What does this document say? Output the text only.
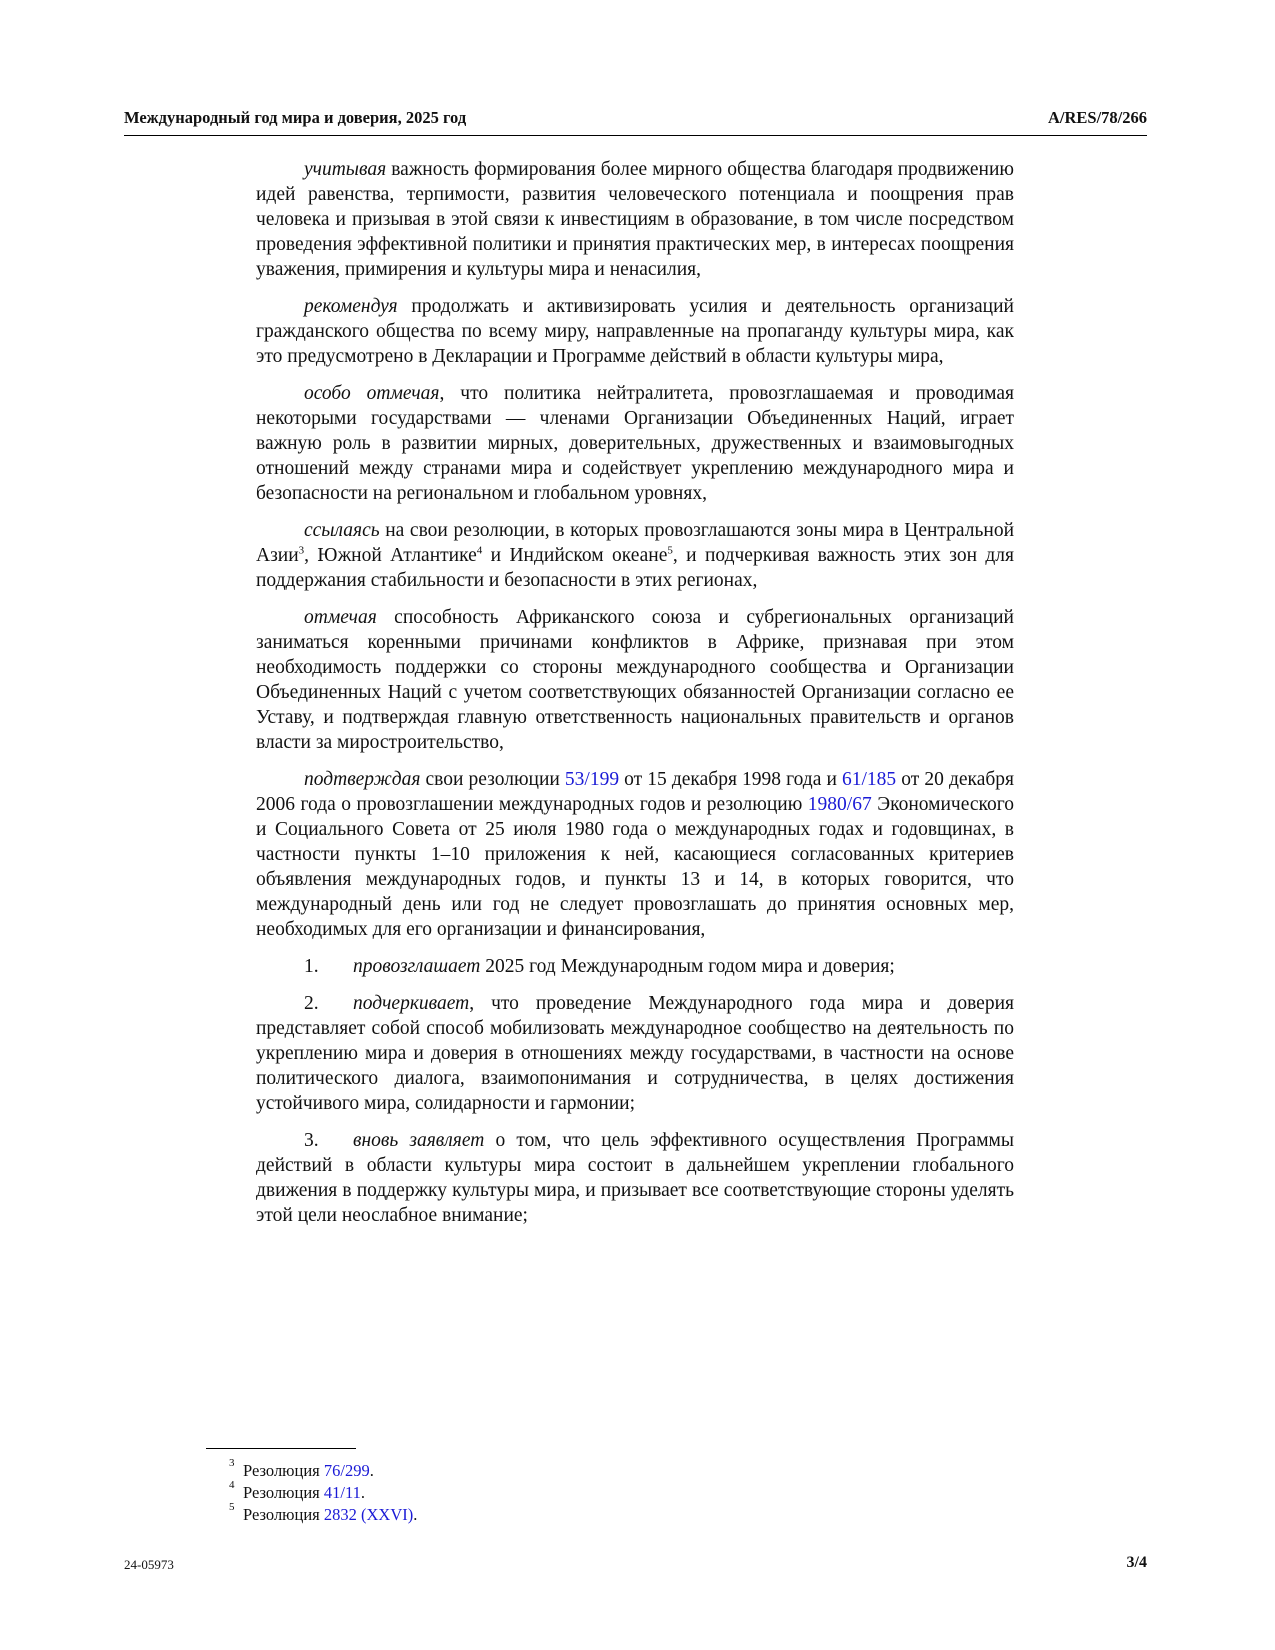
Международный год мира и доверия, 2025 год	A/RES/78/266

учитывая важность формирования более мирного общества благодаря продвижению идей равенства, терпимости, развития человеческого потенциала и поощрения прав человека и призывая в этой связи к инвестициям в образование, в том числе посредством проведения эффективной политики и принятия практических мер, в интересах поощрения уважения, примирения и культуры мира и ненасилия,

рекомендуя продолжать и активизировать усилия и деятельность организаций гражданского общества по всему миру, направленные на пропаганду культуры мира, как это предусмотрено в Декларации и Программе действий в области культуры мира,

особо отмечая, что политика нейтралитета, провозглашаемая и проводимая некоторыми государствами — членами Организации Объединенных Наций, играет важную роль в развитии мирных, доверительных, дружественных и взаимовыгодных отношений между странами мира и содействует укреплению международного мира и безопасности на региональном и глобальном уровнях,

ссылаясь на свои резолюции, в которых провозглашаются зоны мира в Центральной Азии$^3$, Южной Атлантике$^4$ и Индийском океане$^5$, и подчеркивая важность этих зон для поддержания стабильности и безопасности в этих регионах,

отмечая способность Африканского союза и субрегиональных организаций заниматься коренными причинами конфликтов в Африке, признавая при этом необходимость поддержки со стороны международного сообщества и Организации Объединенных Наций с учетом соответствующих обязанностей Организации согласно ее Уставу, и подтверждая главную ответственность национальных правительств и органов власти за миростроительство,

подтверждая свои резолюции 53/199 от 15 декабря 1998 года и 61/185 от 20 декабря 2006 года о провозглашении международных годов и резолюцию 1980/67 Экономического и Социального Совета от 25 июля 1980 года о международных годах и годовщинах, в частности пункты 1–10 приложения к ней, касающиеся согласованных критериев объявления международных годов, и пункты 13 и 14, в которых говорится, что международный день или год не следует провозглашать до принятия основных мер, необходимых для его организации и финансирования,

1. провозглашает 2025 год Международным годом мира и доверия;

2. подчеркивает, что проведение Международного года мира и доверия представляет собой способ мобилизовать международное сообщество на деятельность по укреплению мира и доверия в отношениях между государствами, в частности на основе политического диалога, взаимопонимания и сотрудничества, в целях достижения устойчивого мира, солидарности и гармонии;

3. вновь заявляет о том, что цель эффективного осуществления Программы действий в области культуры мира состоит в дальнейшем укреплении глобального движения в поддержку культуры мира, и призывает все соответствующие стороны уделять этой цели неослабное внимание;

3 Резолюция 76/299.
4 Резолюция 41/11.
5 Резолюция 2832 (XXVI).
24-05973	3/4
